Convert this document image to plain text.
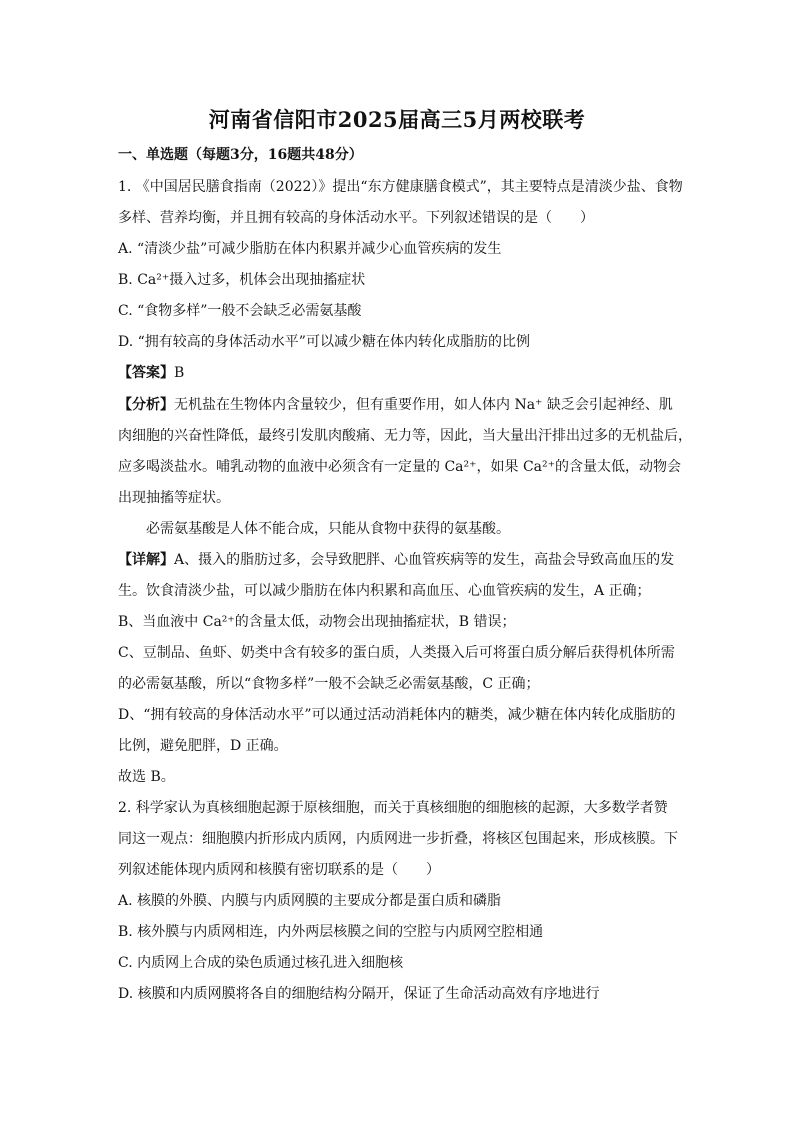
河南省信阳市2025届高三5月两校联考
一、单选题（每题3分，16题共48分）
1. 《中国居民膳食指南（2022）》提出“东方健康膳食模式”，其主要特点是清淡少盐、食物
多样、营养均衡，并且拥有较高的身体活动水平。下列叙述错误的是（　　）
A. “清淡少盐”可减少脂肪在体内积累并减少心血管疾病的发生
B. Ca²⁺摄入过多，机体会出现抽搐症状
C. “食物多样”一般不会缺乏必需氨基酸
D. “拥有较高的身体活动水平”可以减少糖在体内转化成脂肪的比例
【答案】B
【分析】无机盐在生物体内含量较少，但有重要作用，如人体内 Na⁺ 缺乏会引起神经、肌
肉细胞的兴奋性降低，最终引发肌肉酸痛、无力等，因此，当大量出汗排出过多的无机盐后，
应多喝淡盐水。哺乳动物的血液中必须含有一定量的 Ca²⁺，如果 Ca²⁺的含量太低，动物会
出现抽搐等症状。
必需氨基酸是人体不能合成，只能从食物中获得的氨基酸。
【详解】A、摄入的脂肪过多，会导致肥胖、心血管疾病等的发生，高盐会导致高血压的发
生。饮食清淡少盐，可以减少脂肪在体内积累和高血压、心血管疾病的发生，A 正确；
B、当血液中 Ca²⁺的含量太低，动物会出现抽搐症状，B 错误；
C、豆制品、鱼虾、奶类中含有较多的蛋白质，人类摄入后可将蛋白质分解后获得机体所需
的必需氨基酸，所以“食物多样”一般不会缺乏必需氨基酸，C 正确；
D、“拥有较高的身体活动水平”可以通过活动消耗体内的糖类，减少糖在体内转化成脂肪的
比例，避免肥胖，D 正确。
故选 B。
2. 科学家认为真核细胞起源于原核细胞，而关于真核细胞的细胞核的起源，大多数学者赞
同这一观点：细胞膜内折形成内质网，内质网进一步折叠，将核区包围起来，形成核膜。下
列叙述能体现内质网和核膜有密切联系的是（　　）
A. 核膜的外膜、内膜与内质网膜的主要成分都是蛋白质和磷脂
B. 核外膜与内质网相连，内外两层核膜之间的空腔与内质网空腔相通
C. 内质网上合成的染色质通过核孔进入细胞核
D. 核膜和内质网膜将各自的细胞结构分隔开，保证了生命活动高效有序地进行
